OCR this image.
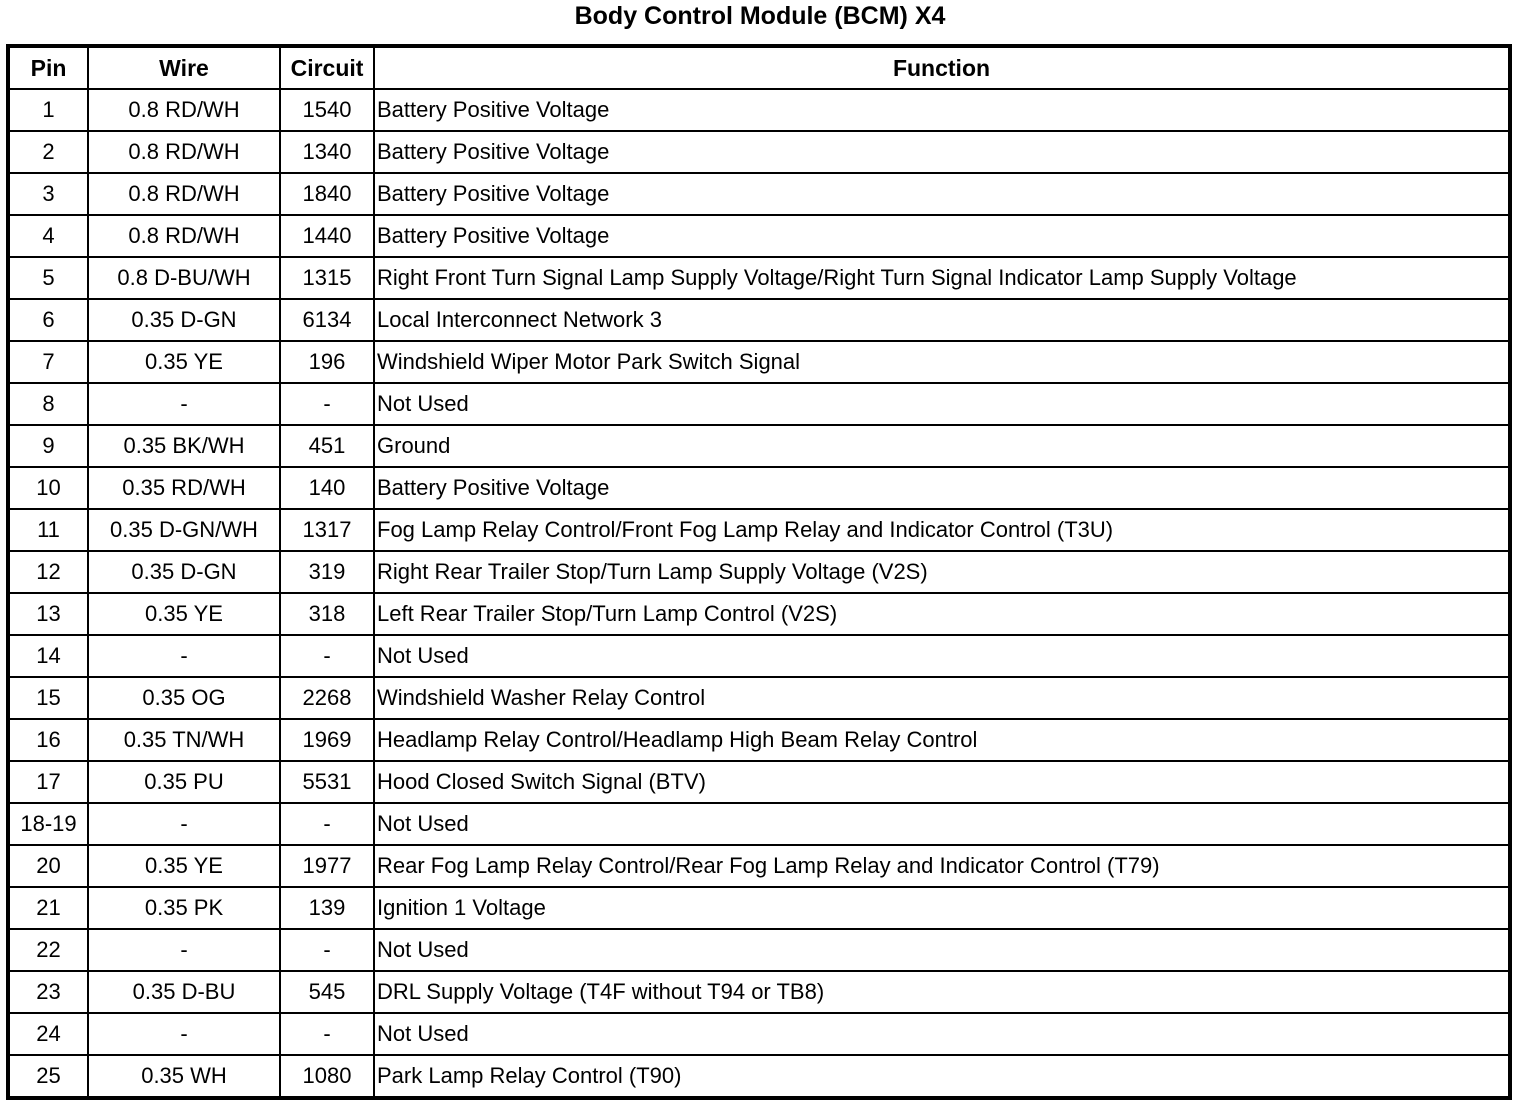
Body Control Module (BCM) X4
Pin	Wire	Circuit	Function
1	0.8 RD/WH	1540	Battery Positive Voltage
2	0.8 RD/WH	1340	Battery Positive Voltage
3	0.8 RD/WH	1840	Battery Positive Voltage
4	0.8 RD/WH	1440	Battery Positive Voltage
5	0.8 D-BU/WH	1315	Right Front Turn Signal Lamp Supply Voltage/Right Turn Signal Indicator Lamp Supply Voltage
6	0.35 D-GN	6134	Local Interconnect Network 3
7	0.35 YE	196	Windshield Wiper Motor Park Switch Signal
8	-	-	Not Used
9	0.35 BK/WH	451	Ground
10	0.35 RD/WH	140	Battery Positive Voltage
11	0.35 D-GN/WH	1317	Fog Lamp Relay Control/Front Fog Lamp Relay and Indicator Control (T3U)
12	0.35 D-GN	319	Right Rear Trailer Stop/Turn Lamp Supply Voltage (V2S)
13	0.35 YE	318	Left Rear Trailer Stop/Turn Lamp Control (V2S)
14	-	-	Not Used
15	0.35 OG	2268	Windshield Washer Relay Control
16	0.35 TN/WH	1969	Headlamp Relay Control/Headlamp High Beam Relay Control
17	0.35 PU	5531	Hood Closed Switch Signal (BTV)
18-19	-	-	Not Used
20	0.35 YE	1977	Rear Fog Lamp Relay Control/Rear Fog Lamp Relay and Indicator Control (T79)
21	0.35 PK	139	Ignition 1 Voltage
22	-	-	Not Used
23	0.35 D-BU	545	DRL Supply Voltage (T4F without T94 or TB8)
24	-	-	Not Used
25	0.35 WH	1080	Park Lamp Relay Control (T90)
